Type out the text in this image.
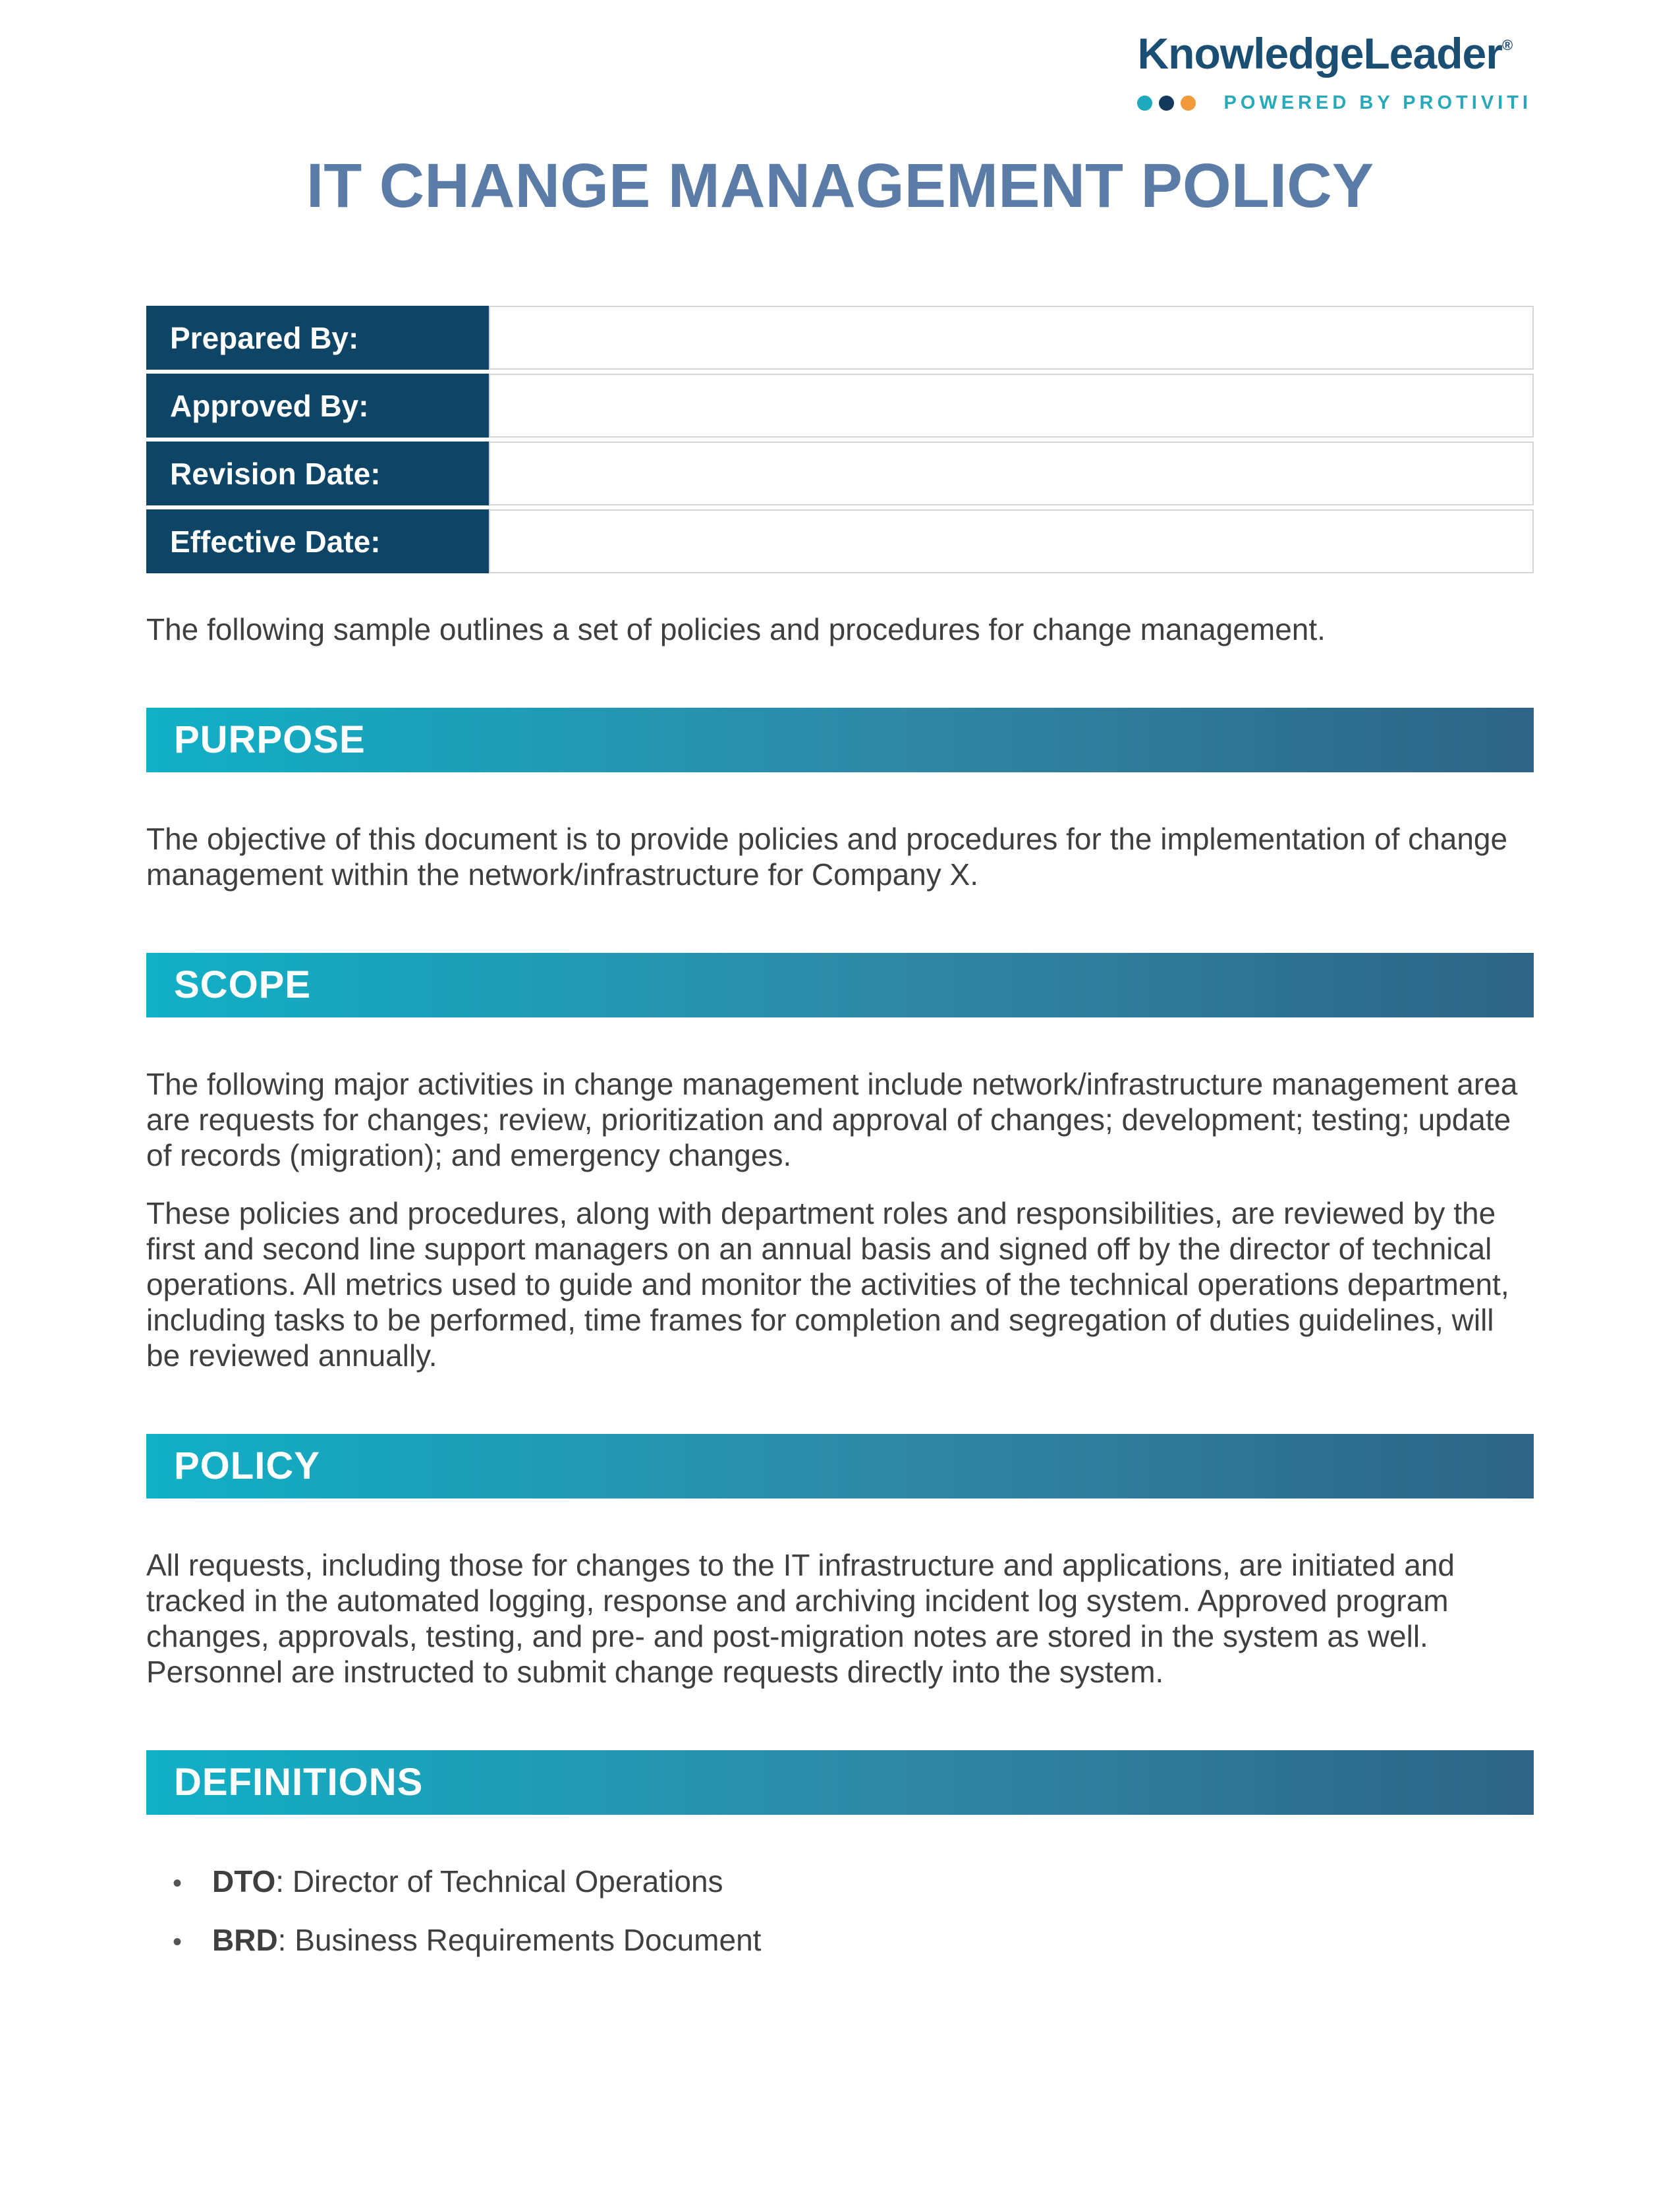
KnowledgeLeader®
POWERED BY PROTIVITI
IT CHANGE MANAGEMENT POLICY
Prepared By:	
Approved By:	
Revision Date:	
Effective Date:	

The following sample outlines a set of policies and procedures for change management.

PURPOSE

The objective of this document is to provide policies and procedures for the implementation of change management within the network/infrastructure for Company X.

SCOPE

The following major activities in change management include network/infrastructure management area are requests for changes; review, prioritization and approval of changes; development; testing; update of records (migration); and emergency changes.

These policies and procedures, along with department roles and responsibilities, are reviewed by the first and second line support managers on an annual basis and signed off by the director of technical operations. All metrics used to guide and monitor the activities of the technical operations department, including tasks to be performed, time frames for completion and segregation of duties guidelines, will be reviewed annually.

POLICY

All requests, including those for changes to the IT infrastructure and applications, are initiated and tracked in the automated logging, response and archiving incident log system. Approved program changes, approvals, testing, and pre- and post-migration notes are stored in the system as well. Personnel are instructed to submit change requests directly into the system.

DEFINITIONS
• DTO: Director of Technical Operations
• BRD: Business Requirements Document
